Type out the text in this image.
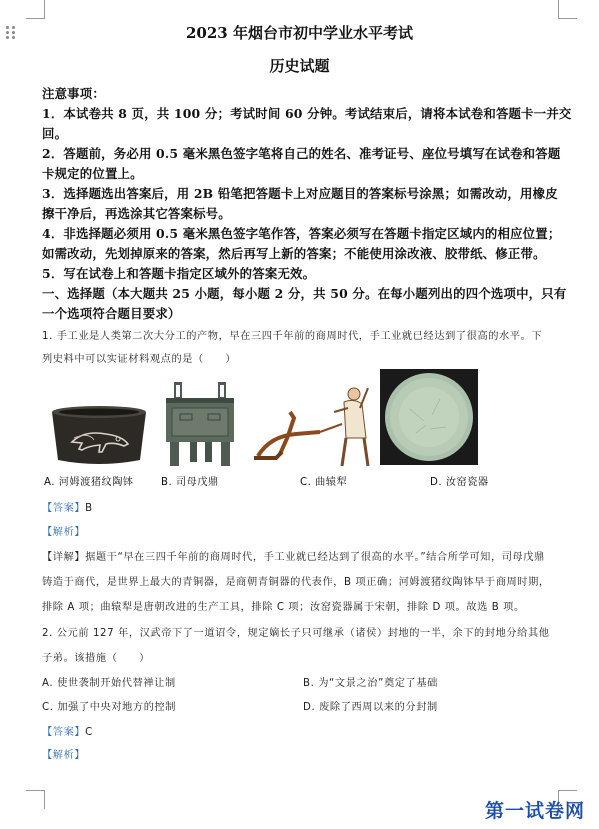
2023 年烟台市初中学业水平考试
历史试题
注意事项：
1．本试卷共 8 页，共 100 分；考试时间 60 分钟。考试结束后，请将本试卷和答题卡一并交
回。
2．答题前，务必用 0.5 毫米黑色签字笔将自己的姓名、准考证号、座位号填写在试卷和答题
卡规定的位置上。
3．选择题选出答案后，用 2B 铅笔把答题卡上对应题目的答案标号涂黑；如需改动，用橡皮
擦干净后，再选涂其它答案标号。
4．非选择题必须用 0.5 毫米黑色签字笔作答，答案必须写在答题卡指定区域内的相应位置；
如需改动，先划掉原来的答案，然后再写上新的答案；不能使用涂改液、胶带纸、修正带。
5．写在试卷上和答题卡指定区域外的答案无效。
一、选择题（本大题共 25 小题，每小题 2 分，共 50 分。在每小题列出的四个选项中，只有
一个选项符合题目要求）
1. 手工业是人类第二次大分工的产物，早在三四千年前的商周时代，手工业就已经达到了很高的水平。下
列史料中可以实证材料观点的是（　　）
A. 河姆渡猪纹陶钵	B. 司母戊鼎	C. 曲辕犁	D. 汝窑瓷器
【答案】B
【解析】
【详解】据题干“早在三四千年前的商周时代，手工业就已经达到了很高的水平。”结合所学可知，司母戊鼎
铸造于商代，是世界上最大的青铜器，是商朝青铜器的代表作，B 项正确；河姆渡猪纹陶钵早于商周时期，
排除 A 项；曲辕犁是唐朝改进的生产工具，排除 C 项；汝窑瓷器属于宋朝，排除 D 项。故选 B 项。
2. 公元前 127 年，汉武帝下了一道诏令，规定嫡长子只可继承（诸侯）封地的一半，余下的封地分给其他
子弟。该措施（　　）
A. 使世袭制开始代替禅让制	B. 为“文景之治”奠定了基础
C. 加强了中央对地方的控制	D. 废除了西周以来的分封制
【答案】C
【解析】
第一试卷网
